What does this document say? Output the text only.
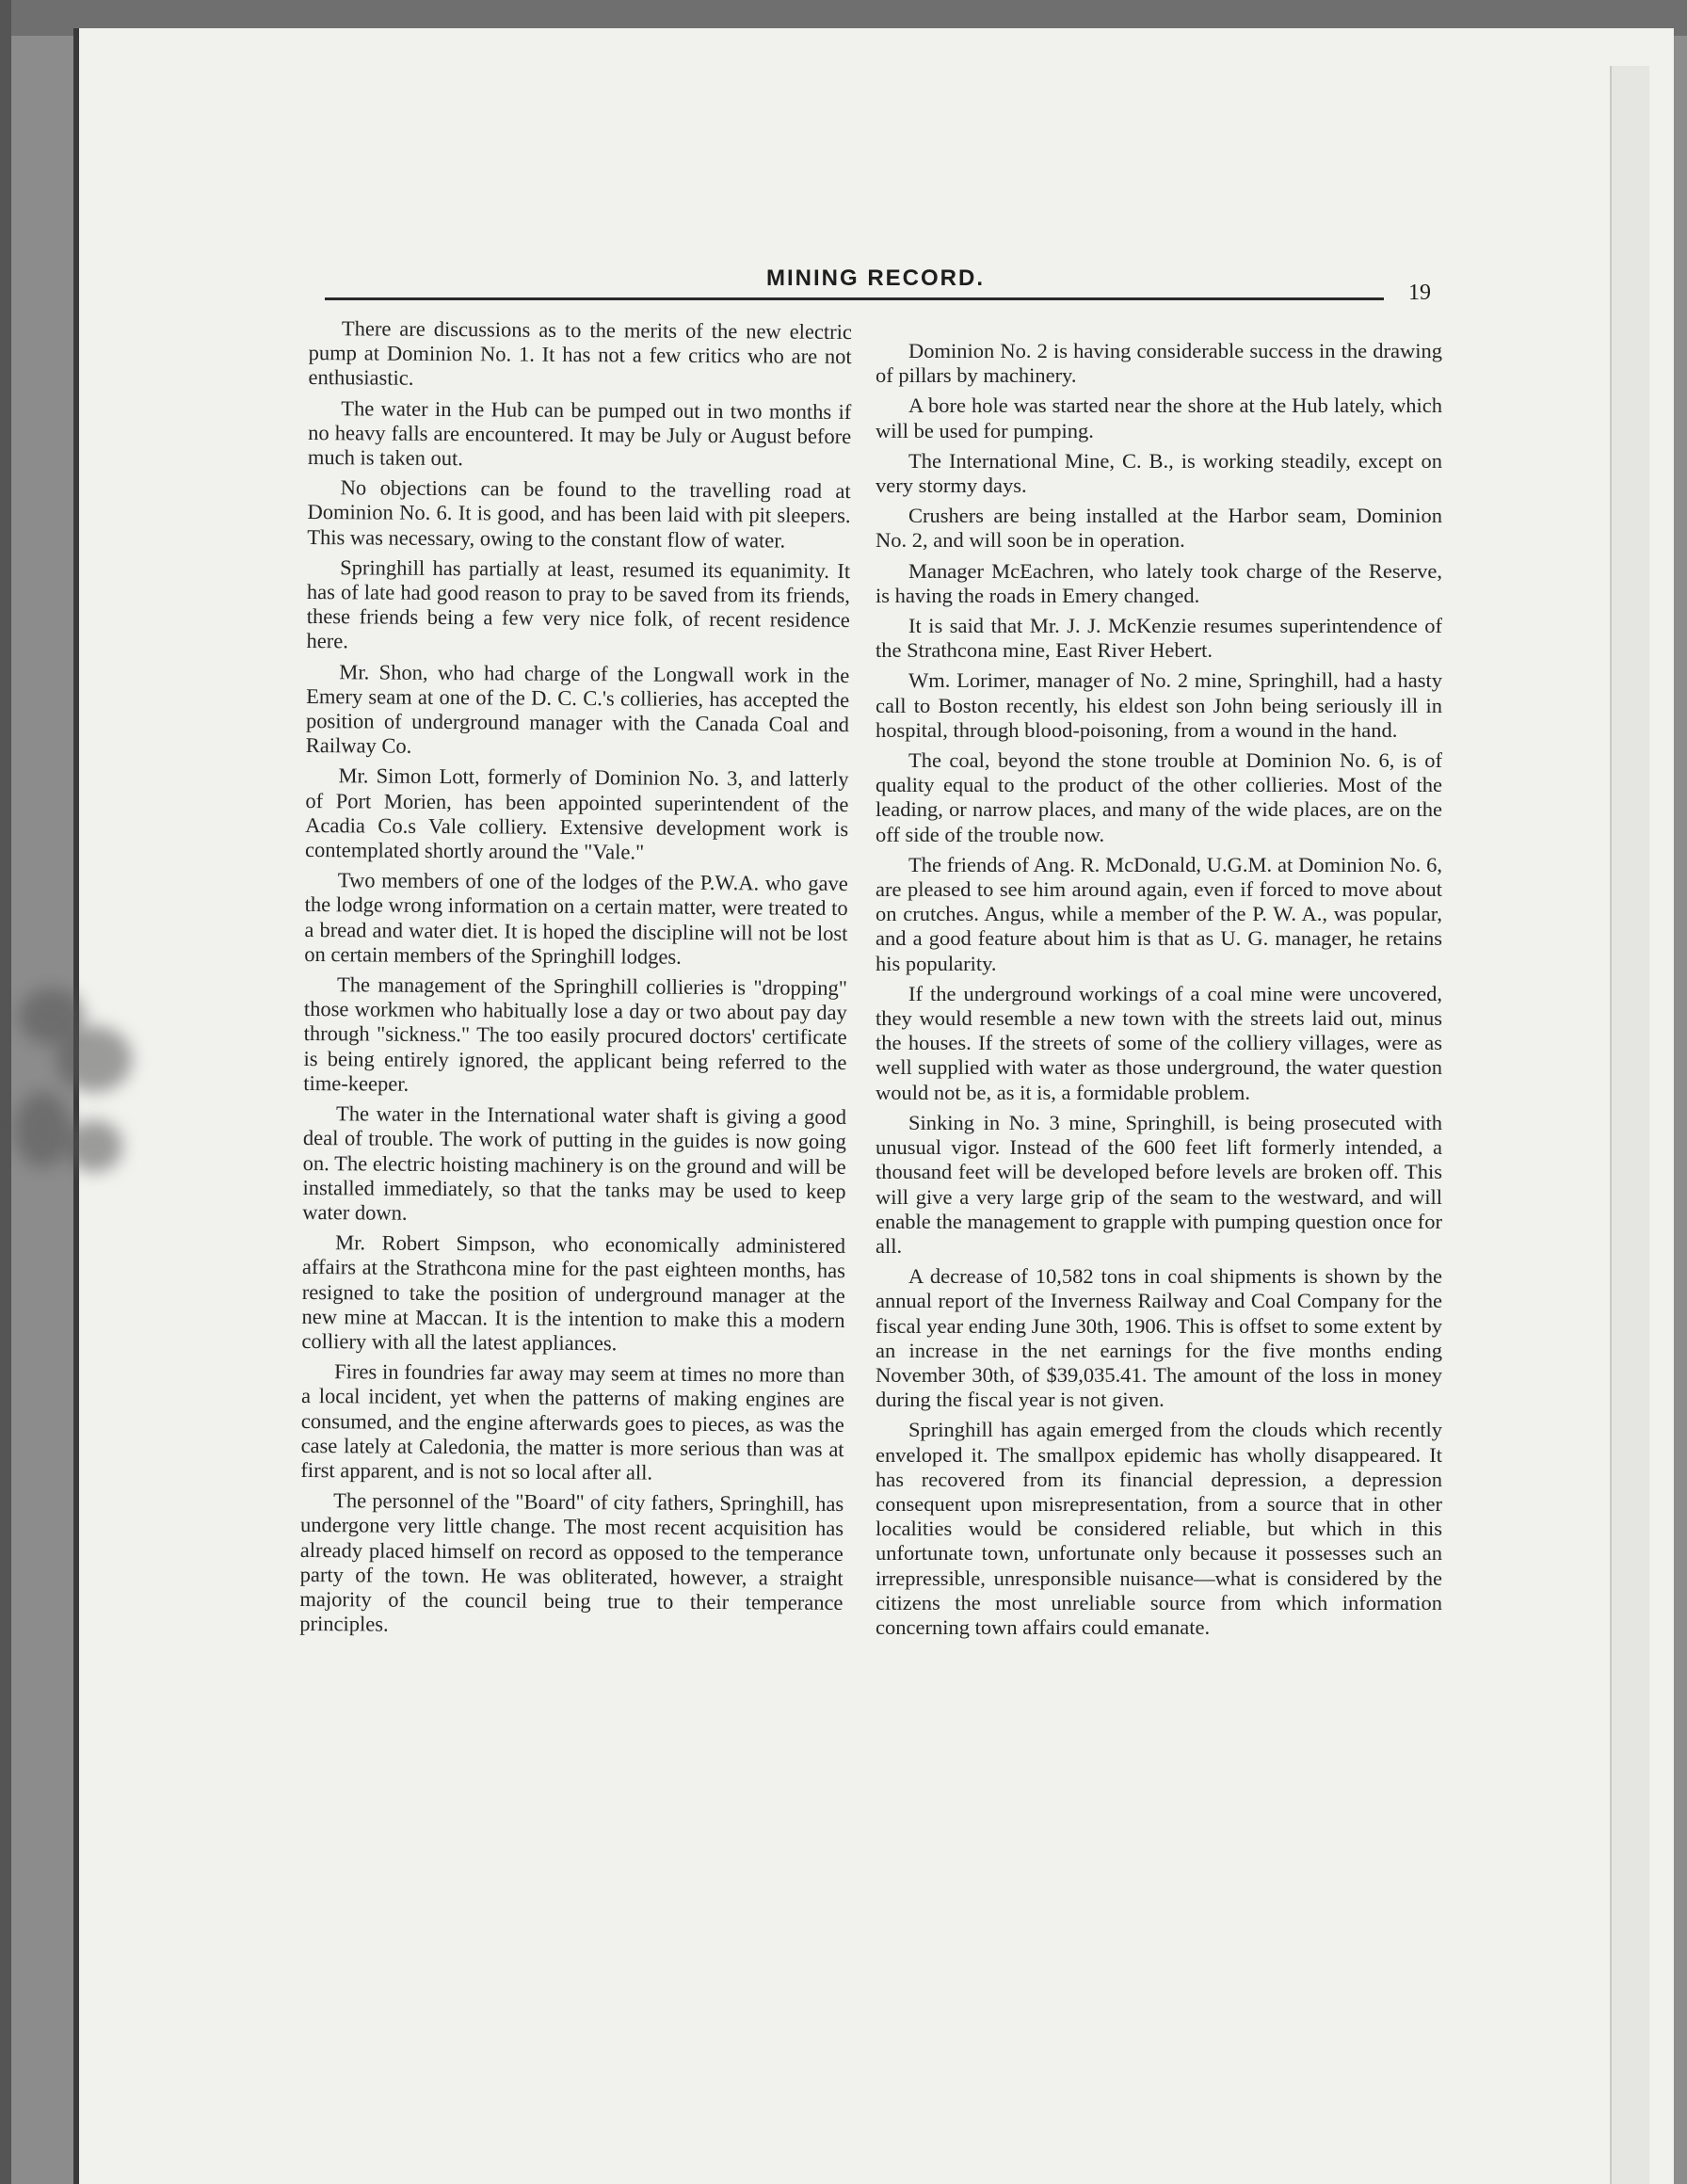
MINING RECORD.
19

There are discussions as to the merits of the new electric pump at Dominion No. 1. It has not a few critics who are not enthusiastic.

The water in the Hub can be pumped out in two months if no heavy falls are encountered. It may be July or August before much is taken out.

No objections can be found to the travelling road at Dominion No. 6. It is good, and has been laid with pit sleepers. This was necessary, owing to the constant flow of water.

Springhill has partially at least, resumed its equanimity. It has of late had good reason to pray to be saved from its friends, these friends being a few very nice folk, of recent residence here.

Mr. Shon, who had charge of the Longwall work in the Emery seam at one of the D. C. C.'s collieries, has accepted the position of underground manager with the Canada Coal and Railway Co.

Mr. Simon Lott, formerly of Dominion No. 3, and latterly of Port Morien, has been appointed superintendent of the Acadia Co.s Vale colliery. Extensive development work is contemplated shortly around the "Vale."

Two members of one of the lodges of the P.W.A. who gave the lodge wrong information on a certain matter, were treated to a bread and water diet. It is hoped the discipline will not be lost on certain members of the Springhill lodges.

The management of the Springhill collieries is "dropping" those workmen who habitually lose a day or two about pay day through "sickness." The too easily procured doctors' certificate is being entirely ignored, the applicant being referred to the time-keeper.

The water in the International water shaft is giving a good deal of trouble. The work of putting in the guides is now going on. The electric hoisting machinery is on the ground and will be installed immediately, so that the tanks may be used to keep water down.

Mr. Robert Simpson, who economically administered affairs at the Strathcona mine for the past eighteen months, has resigned to take the position of underground manager at the new mine at Maccan. It is the intention to make this a modern colliery with all the latest appliances.

Fires in foundries far away may seem at times no more than a local incident, yet when the patterns of making engines are consumed, and the engine afterwards goes to pieces, as was the case lately at Caledonia, the matter is more serious than was at first apparent, and is not so local after all.

The personnel of the "Board" of city fathers, Springhill, has undergone very little change. The most recent acquisition has already placed himself on record as opposed to the temperance party of the town. He was obliterated, however, a straight majority of the council being true to their temperance principles.

Dominion No. 2 is having considerable success in the drawing of pillars by machinery.

A bore hole was started near the shore at the Hub lately, which will be used for pumping.

The International Mine, C. B., is working steadily, except on very stormy days.

Crushers are being installed at the Harbor seam, Dominion No. 2, and will soon be in operation.

Manager McEachren, who lately took charge of the Reserve, is having the roads in Emery changed.

It is said that Mr. J. J. McKenzie resumes superintendence of the Strathcona mine, East River Hebert.

Wm. Lorimer, manager of No. 2 mine, Springhill, had a hasty call to Boston recently, his eldest son John being seriously ill in hospital, through blood-poisoning, from a wound in the hand.

The coal, beyond the stone trouble at Dominion No. 6, is of quality equal to the product of the other collieries. Most of the leading, or narrow places, and many of the wide places, are on the off side of the trouble now.

The friends of Ang. R. McDonald, U.G.M. at Dominion No. 6, are pleased to see him around again, even if forced to move about on crutches. Angus, while a member of the P. W. A., was popular, and a good feature about him is that as U. G. manager, he retains his popularity.

If the underground workings of a coal mine were uncovered, they would resemble a new town with the streets laid out, minus the houses. If the streets of some of the colliery villages, were as well supplied with water as those underground, the water question would not be, as it is, a formidable problem.

Sinking in No. 3 mine, Springhill, is being prosecuted with unusual vigor. Instead of the 600 feet lift formerly intended, a thousand feet will be developed before levels are broken off. This will give a very large grip of the seam to the westward, and will enable the management to grapple with pumping question once for all.

A decrease of 10,582 tons in coal shipments is shown by the annual report of the Inverness Railway and Coal Company for the fiscal year ending June 30th, 1906. This is offset to some extent by an increase in the net earnings for the five months ending November 30th, of $39,035.41. The amount of the loss in money during the fiscal year is not given.

Springhill has again emerged from the clouds which recently enveloped it. The smallpox epidemic has wholly disappeared. It has recovered from its financial depression, a depression consequent upon misrepresentation, from a source that in other localities would be considered reliable, but which in this unfortunate town, unfortunate only because it possesses such an irrepressible, unresponsible nuisance—what is considered by the citizens the most unreliable source from which information concerning town affairs could emanate.
